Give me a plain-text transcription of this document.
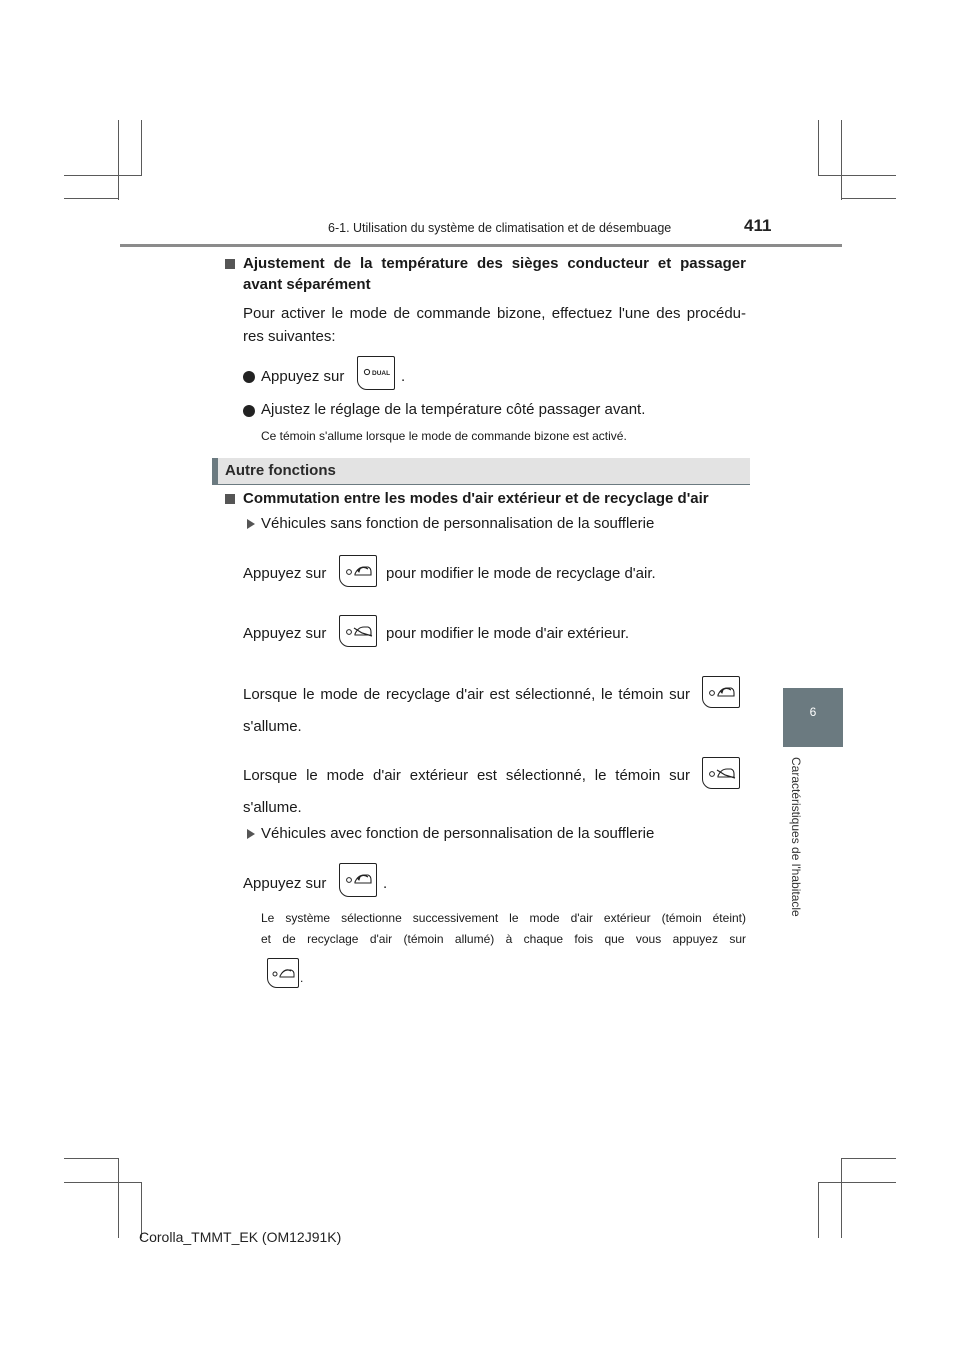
6-1. Utilisation du système de climatisation et de désembuage	411
6
Caractéristiques de l'habitacle
Ajustement de la température des sièges conducteur et passager
avant séparément
Pour activer le mode de commande bizone, effectuez l'une des procédu-
res suivantes:
Appuyez sur	DUAL .
Ajustez le réglage de la température côté passager avant.
Ce témoin s'allume lorsque le mode de commande bizone est activé.
Autre fonctions
Commutation entre les modes d'air extérieur et de recyclage d'air
Véhicules sans fonction de personnalisation de la soufflerie
Appuyez sur	pour modifier le mode de recyclage d'air.
Appuyez sur	pour modifier le mode d'air extérieur.
Lorsque le mode de recyclage d'air est sélectionné, le témoin sur
s'allume.
Lorsque le mode d'air extérieur est sélectionné, le témoin sur
s'allume.
Véhicules avec fonction de personnalisation de la soufflerie
Appuyez sur	.
Le système sélectionne successivement le mode d'air extérieur (témoin éteint)
et de recyclage d'air (témoin allumé) à chaque fois que vous appuyez sur
.
Corolla_TMMT_EK (OM12J91K)
